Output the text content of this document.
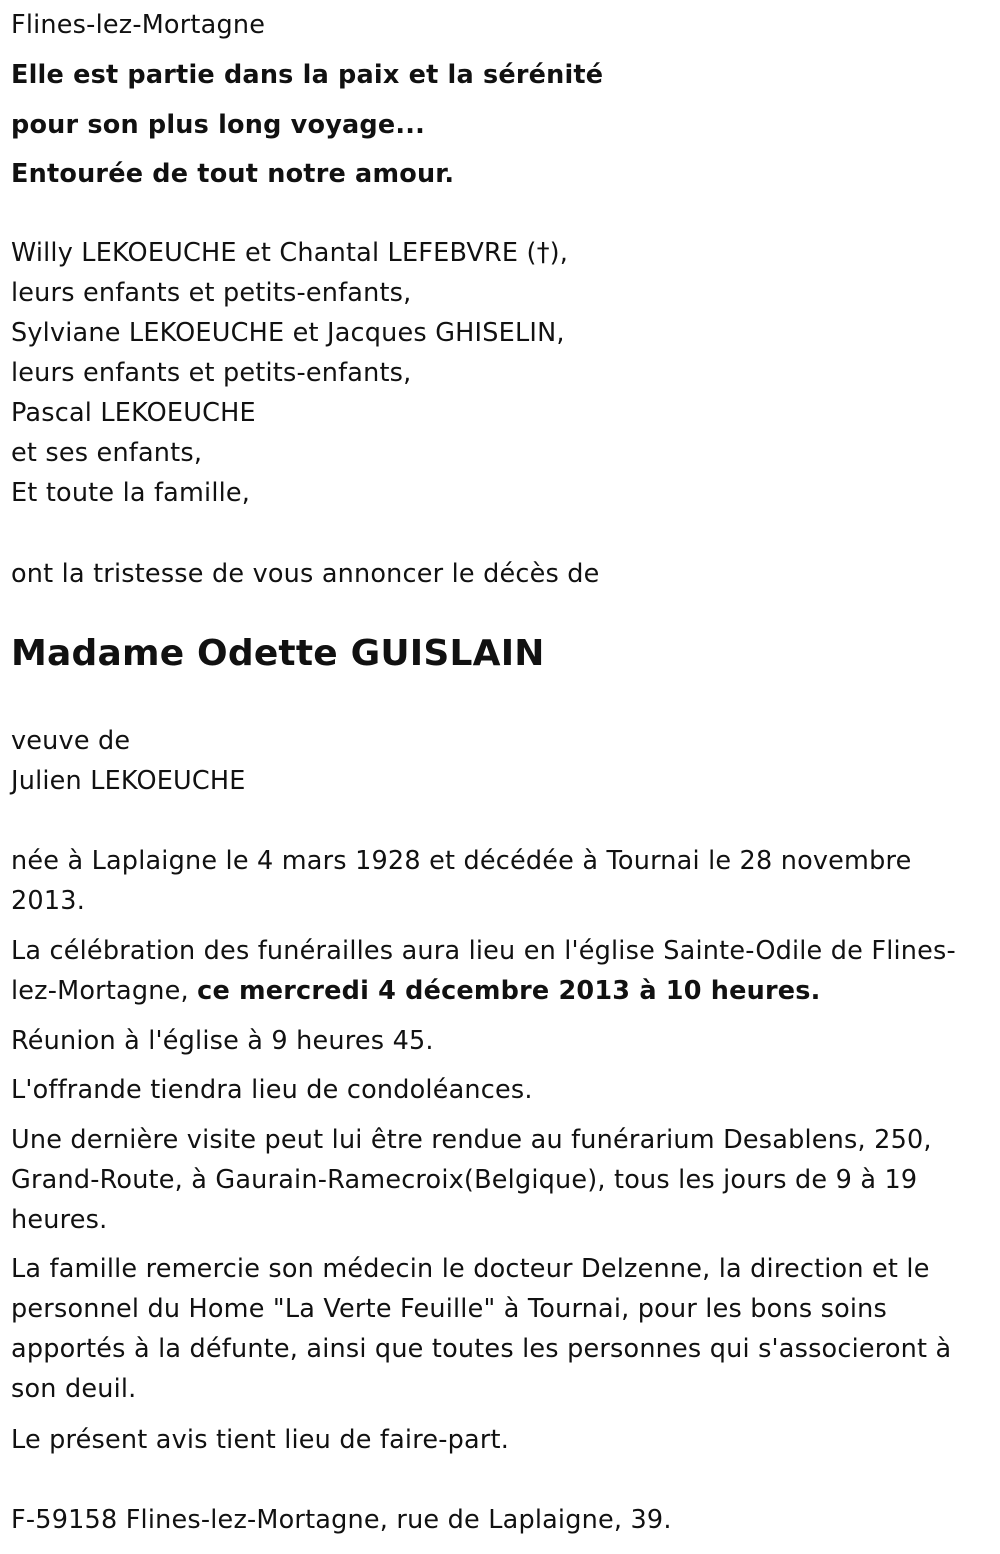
Flines-lez-Mortagne

Elle est partie dans la paix et la sérénité

pour son plus long voyage...

Entourée de tout notre amour.

Willy LEKOEUCHE et Chantal LEFEBVRE (†),

leurs enfants et petits-enfants,

Sylviane LEKOEUCHE et Jacques GHISELIN,

leurs enfants et petits-enfants,

Pascal LEKOEUCHE

et ses enfants,

Et toute la famille,

ont la tristesse de vous annoncer le décès de

Madame Odette GUISLAIN

veuve de

Julien LEKOEUCHE

née à Laplaigne le 4 mars 1928 et décédée à Tournai le 28 novembre 2013.

La célébration des funérailles aura lieu en l'église Sainte-Odile de Flines-lez-Mortagne, ce mercredi 4 décembre 2013 à 10 heures.

Réunion à l'église à 9 heures 45.

L'offrande tiendra lieu de condoléances.

Une dernière visite peut lui être rendue au funérarium Desablens, 250, Grand-Route, à Gaurain-Ramecroix(Belgique), tous les jours de 9 à 19 heures.

La famille remercie son médecin le docteur Delzenne, la direction et le personnel du Home "La Verte Feuille" à Tournai, pour les bons soins apportés à la défunte, ainsi que toutes les personnes qui s'associeront à son deuil.

Le présent avis tient lieu de faire-part.

F-59158 Flines-lez-Mortagne, rue de Laplaigne, 39.
